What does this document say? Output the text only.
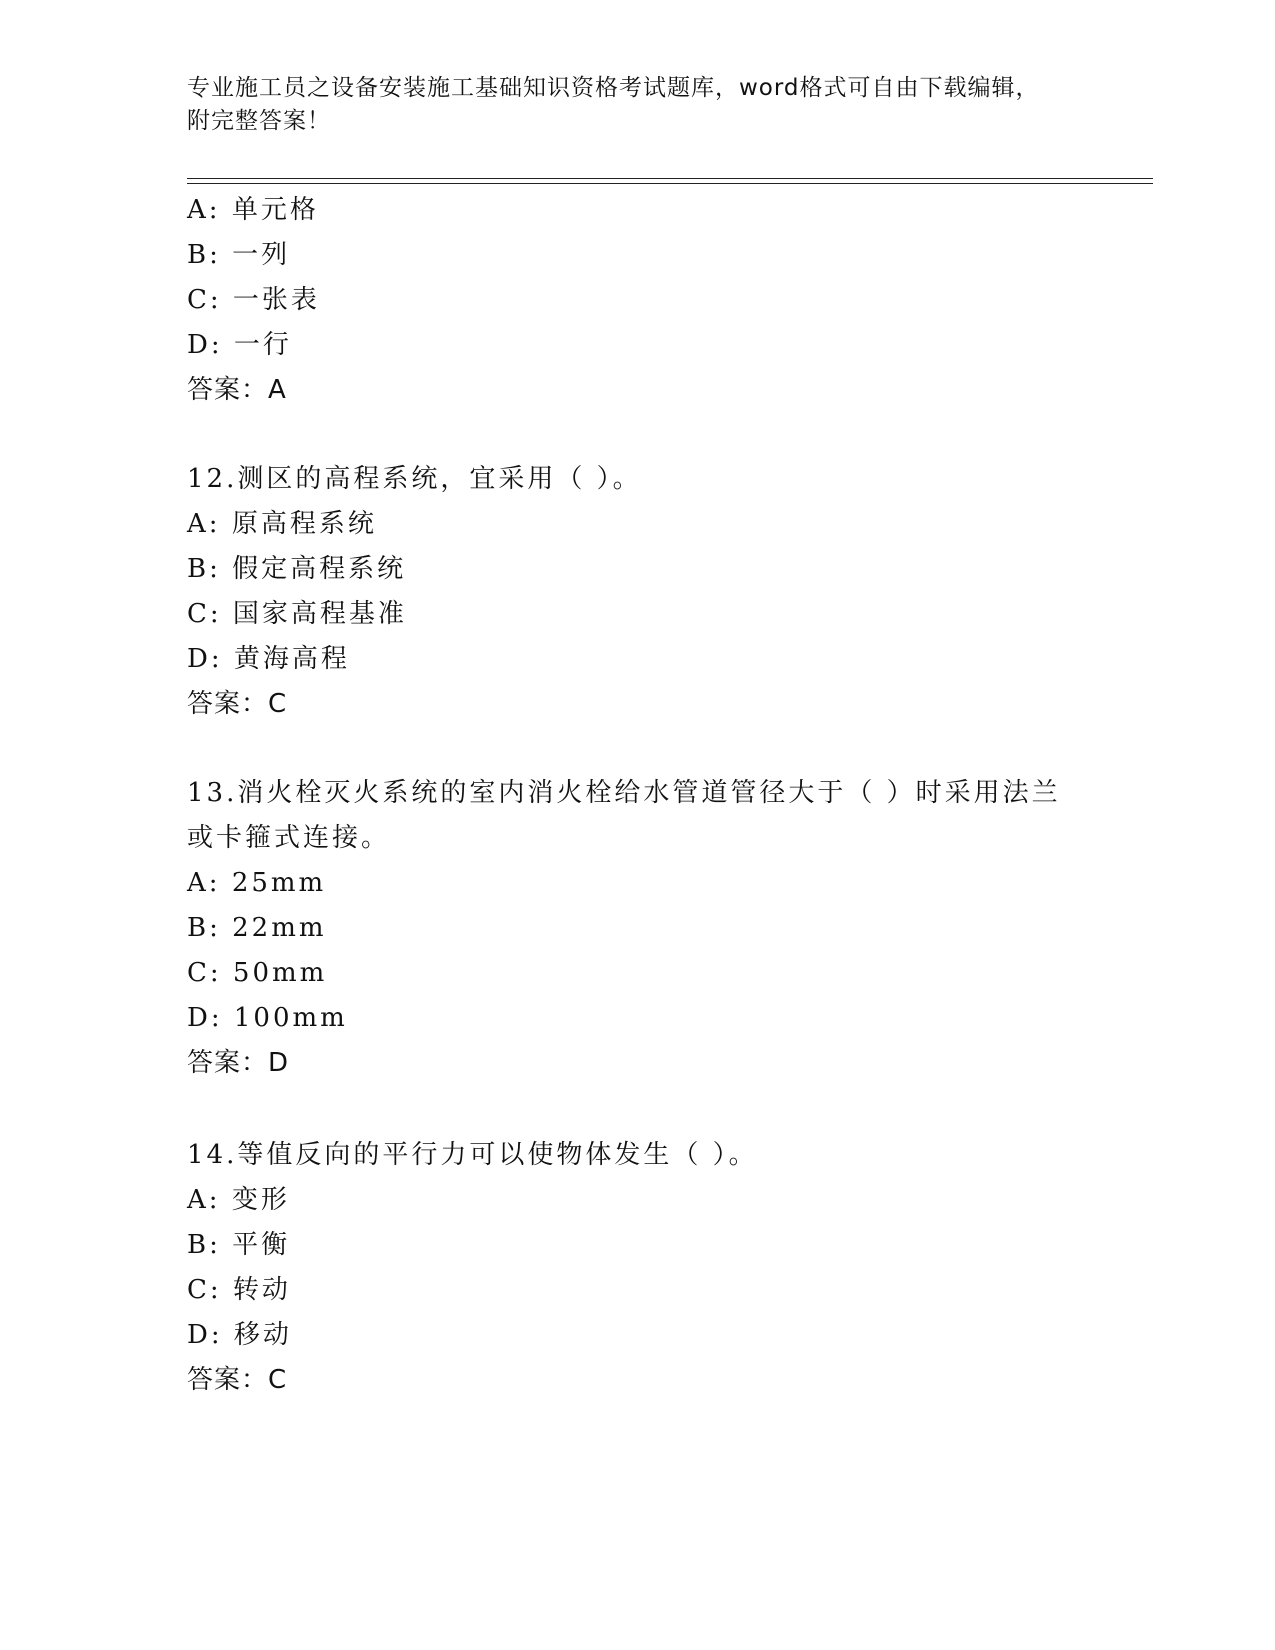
专业施工员之设备安装施工基础知识资格考试题库，word格式可自由下载编辑，
附完整答案！
A: 单元格
B: 一列
C: 一张表
D: 一行
答案：A
12.测区的高程系统，宜采用（ ）。
A: 原高程系统
B: 假定高程系统
C: 国家高程基准
D: 黄海高程
答案：C
13.消火栓灭火系统的室内消火栓给水管道管径大于（ ）时采用法兰
或卡箍式连接。
A: 25mm
B: 22mm
C: 50mm
D: 100mm
答案：D
14.等值反向的平行力可以使物体发生（ ）。
A: 变形
B: 平衡
C: 转动
D: 移动
答案：C
